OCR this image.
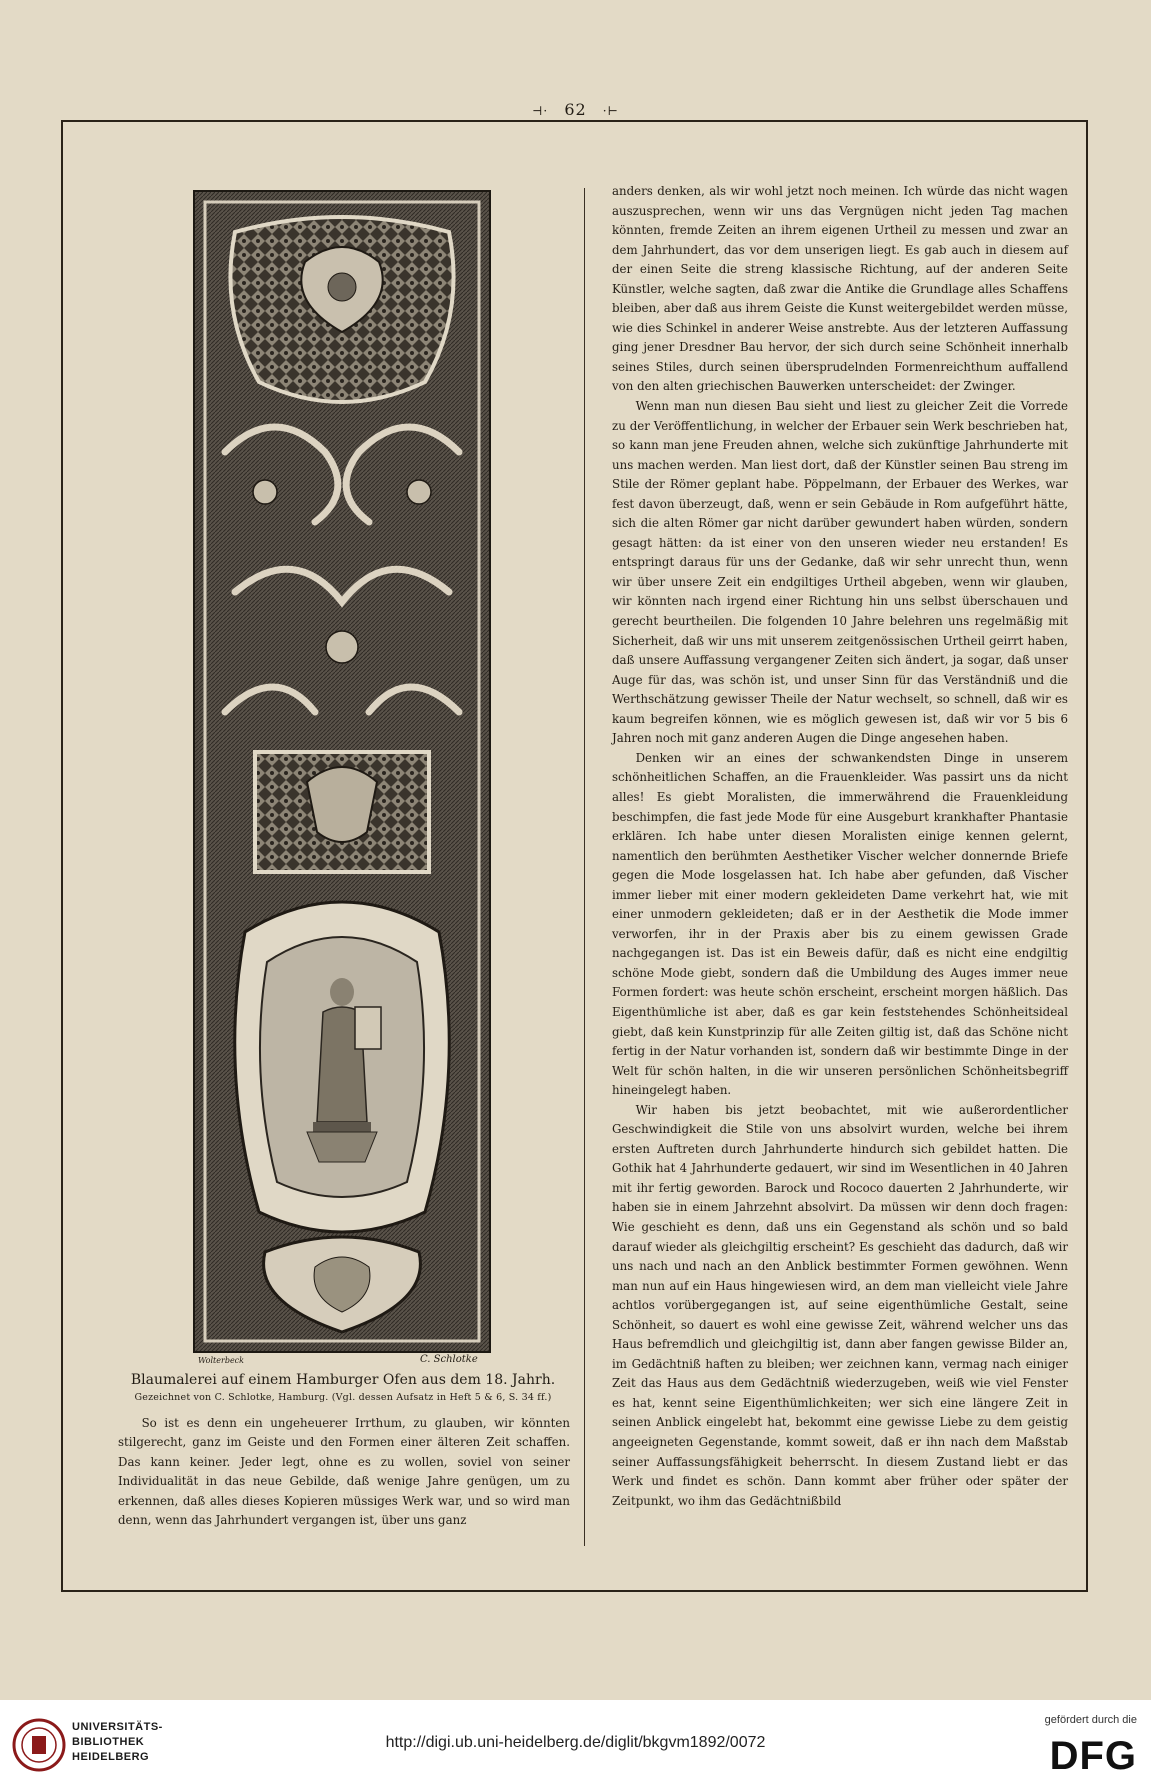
⊣· 62 ·⊢
Wolterbeck	C. Schlotke
Blaumalerei auf einem Hamburger Ofen aus dem 18. Jahrh.
Gezeichnet von C. Schlotke, Hamburg. (Vgl. dessen Aufsatz in Heft 5 & 6, S. 34 ff.)

So ist es denn ein ungeheuerer Irrthum, zu glauben, wir könnten stilgerecht, ganz im Geiste und den Formen einer älteren Zeit schaffen. Das kann keiner. Jeder legt, ohne es zu wollen, soviel von seiner Individualität in das neue Gebilde, daß wenige Jahre genügen, um zu erkennen, daß alles dieses Kopieren müssiges Werk war, und so wird man denn, wenn das Jahrhundert vergangen ist, über uns ganz

anders denken, als wir wohl jetzt noch meinen. Ich würde das nicht wagen auszusprechen, wenn wir uns das Vergnügen nicht jeden Tag machen könnten, fremde Zeiten an ihrem eigenen Urtheil zu messen und zwar an dem Jahrhundert, das vor dem unserigen liegt. Es gab auch in diesem auf der einen Seite die streng klassische Richtung, auf der anderen Seite Künstler, welche sagten, daß zwar die Antike die Grundlage alles Schaffens bleiben, aber daß aus ihrem Geiste die Kunst weitergebildet werden müsse, wie dies Schinkel in anderer Weise anstrebte. Aus der letzteren Auffassung ging jener Dresdner Bau hervor, der sich durch seine Schönheit innerhalb seines Stiles, durch seinen übersprudelnden Formenreichthum auffallend von den alten griechischen Bauwerken unterscheidet: der Zwinger.

Wenn man nun diesen Bau sieht und liest zu gleicher Zeit die Vorrede zu der Veröffentlichung, in welcher der Erbauer sein Werk beschrieben hat, so kann man jene Freuden ahnen, welche sich zukünftige Jahrhunderte mit uns machen werden. Man liest dort, daß der Künstler seinen Bau streng im Stile der Römer geplant habe. Pöppelmann, der Erbauer des Werkes, war fest davon überzeugt, daß, wenn er sein Gebäude in Rom aufgeführt hätte, sich die alten Römer gar nicht darüber gewundert haben würden, sondern gesagt hätten: da ist einer von den unseren wieder neu erstanden! Es entspringt daraus für uns der Gedanke, daß wir sehr unrecht thun, wenn wir über unsere Zeit ein endgiltiges Urtheil abgeben, wenn wir glauben, wir könnten nach irgend einer Richtung hin uns selbst überschauen und gerecht beurtheilen. Die folgenden 10 Jahre belehren uns regelmäßig mit Sicherheit, daß wir uns mit unserem zeitgenössischen Urtheil geirrt haben, daß unsere Auffassung vergangener Zeiten sich ändert, ja sogar, daß unser Auge für das, was schön ist, und unser Sinn für das Verständniß und die Werthschätzung gewisser Theile der Natur wechselt, so schnell, daß wir es kaum begreifen können, wie es möglich gewesen ist, daß wir vor 5 bis 6 Jahren noch mit ganz anderen Augen die Dinge angesehen haben.

Denken wir an eines der schwankendsten Dinge in unserem schönheitlichen Schaffen, an die Frauenkleider. Was passirt uns da nicht alles! Es giebt Moralisten, die immerwährend die Frauenkleidung beschimpfen, die fast jede Mode für eine Ausgeburt krankhafter Phantasie erklären. Ich habe unter diesen Moralisten einige kennen gelernt, namentlich den berühmten Aesthetiker Vischer welcher donnernde Briefe gegen die Mode losgelassen hat. Ich habe aber gefunden, daß Vischer immer lieber mit einer modern gekleideten Dame verkehrt hat, wie mit einer unmodern gekleideten; daß er in der Aesthetik die Mode immer verworfen, ihr in der Praxis aber bis zu einem gewissen Grade nachgegangen ist. Das ist ein Beweis dafür, daß es nicht eine endgiltig schöne Mode giebt, sondern daß die Umbildung des Auges immer neue Formen fordert: was heute schön erscheint, erscheint morgen häßlich. Das Eigenthümliche ist aber, daß es gar kein feststehendes Schönheitsideal giebt, daß kein Kunstprinzip für alle Zeiten giltig ist, daß das Schöne nicht fertig in der Natur vorhanden ist, sondern daß wir bestimmte Dinge in der Welt für schön halten, in die wir unseren persönlichen Schönheitsbegriff hineingelegt haben.

Wir haben bis jetzt beobachtet, mit wie außerordentlicher Geschwindigkeit die Stile von uns absolvirt wurden, welche bei ihrem ersten Auftreten durch Jahrhunderte hindurch sich gebildet hatten. Die Gothik hat 4 Jahrhunderte gedauert, wir sind im Wesentlichen in 40 Jahren mit ihr fertig geworden. Barock und Rococo dauerten 2 Jahrhunderte, wir haben sie in einem Jahrzehnt absolvirt. Da müssen wir denn doch fragen: Wie geschieht es denn, daß uns ein Gegenstand als schön und so bald darauf wieder als gleichgiltig erscheint? Es geschieht das dadurch, daß wir uns nach und nach an den Anblick bestimmter Formen gewöhnen. Wenn man nun auf ein Haus hingewiesen wird, an dem man vielleicht viele Jahre achtlos vorübergegangen ist, auf seine eigenthümliche Gestalt, seine Schönheit, so dauert es wohl eine gewisse Zeit, während welcher uns das Haus befremdlich und gleichgiltig ist, dann aber fangen gewisse Bilder an, im Gedächtniß haften zu bleiben; wer zeichnen kann, vermag nach einiger Zeit das Haus aus dem Gedächtniß wiederzugeben, weiß wie viel Fenster es hat, kennt seine Eigenthümlichkeiten; wer sich eine längere Zeit in seinen Anblick eingelebt hat, bekommt eine gewisse Liebe zu dem geistig angeeigneten Gegenstande, kommt soweit, daß er ihn nach dem Maßstab seiner Auffassungsfähigkeit beherrscht. In diesem Zustand liebt er das Werk und findet es schön. Dann kommt aber früher oder später der Zeitpunkt, wo ihm das Gedächtnißbild

UNIVERSITÄTS-
BIBLIOTHEK
HEIDELBERG
http://digi.ub.uni-heidelberg.de/diglit/bkgvm1892/0072
gefördert durch die
DFG
